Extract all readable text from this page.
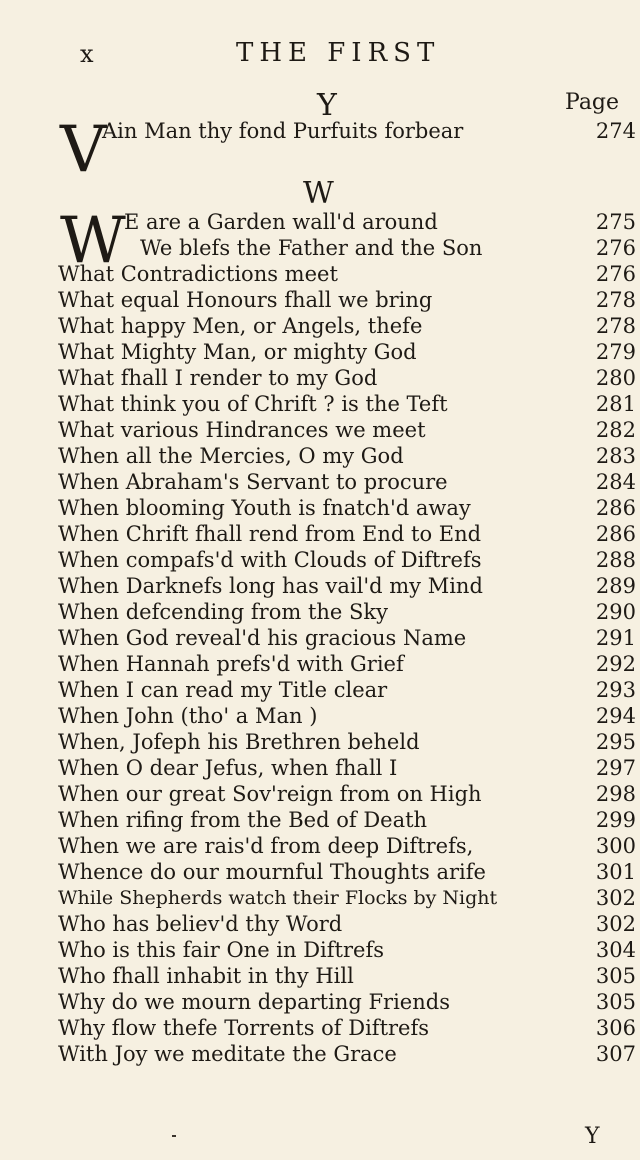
x	THE FIRST
Y	Page
V
Ain Man thy fond Purfuits forbear	274
W
W
E are a Garden wall'd around	275
We blefs the Father and the Son	276
What Contradictions meet	276
What equal Honours fhall we bring	278
What happy Men, or Angels, thefe	278
What Mighty Man, or mighty God	279
What fhall I render to my God	280
What think you of Chrift ? is the Teft	281
What various Hindrances we meet	282
When all the Mercies, O my God	283
When Abraham's Servant to procure	284
When blooming Youth is fnatch'd away	286
When Chrift fhall rend from End to End	286
When compafs'd with Clouds of Diftrefs	288
When Darknefs long has vail'd my Mind	289
When defcending from the Sky	290
When God reveal'd his gracious Name	291
When Hannah prefs'd with Grief	292
When I can read my Title clear	293
When John (tho' a Man )	294
When, Jofeph his Brethren beheld	295
When O dear Jefus, when fhall I	297
When our great Sov'reign from on High	298
When rifing from the Bed of Death	299
When we are rais'd from deep Diftrefs,	300
Whence do our mournful Thoughts arife	301
While Shepherds watch their Flocks by Night	302
Who has believ'd thy Word	302
Who is this fair One in Diftrefs	304
Who fhall inhabit in thy Hill	305
Why do we mourn departing Friends	305
Why flow thefe Torrents of Diftrefs	306
With Joy we meditate the Grace	307
Y
